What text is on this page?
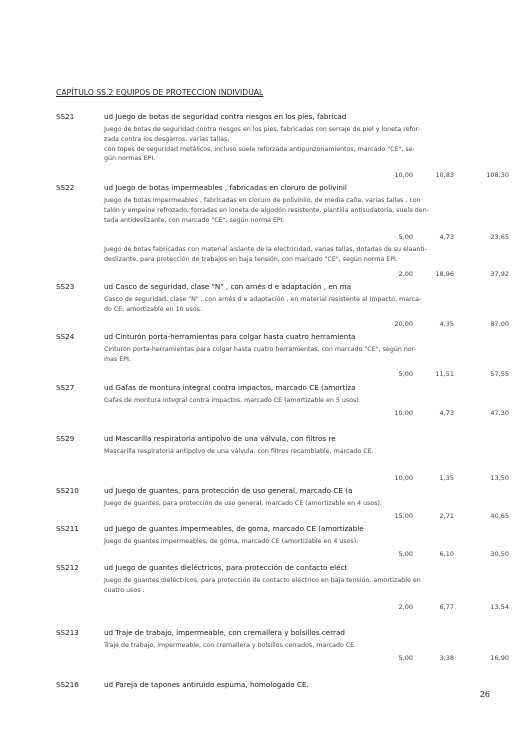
CAPÍTULO SS.2 EQUIPOS DE PROTECCION INDIVIDUAL
SS21	ud Juego de botas de seguridad contra riesgos en los pies, fabricad
Juego de botas de seguridad contra riesgos en los pies, fabricadas con serraje de piel y loneta refor-
zada contra los desgarros, varias tallas,
con topes de seguridad metálicos, incluso suela reforzada antipunzonamientos, marcado "CE", se-
gún normas EPI.
10,00	10,83	108,30
SS22	ud Juego de botas impermeables , fabricadas en cloruro de polivinil
Juego de botas impermeables , fabricadas en cloruro de polivinilo, de media caña, varias tallas , con
talón y empeine refrozado, forradas en loneta de algodón resistente, plantilla antisudatoria, suela den-
tada antideslizante, con marcado "CE", según norma EPI.
5,00	4,73	23,65
Juego de botas fabricadas con material aislante de la electricidad, varias tallas, dotadas de su elaanti-
deslizante, para protección de trabajos en baja tensión, con marcado "CE", según norma EPI.
2,00	18,96	37,92
SS23	ud Casco de seguridad, clase "N" , con arnés d e adaptación , en ma
Casco de seguridad, clase "N" , con arnés d e adaptación , en material resistente al impacto, marca-
do CE, amortizable en 10 usos.
20,00	4,35	87,00
SS24	ud Cinturón porta-herramientas para colgar hasta cuatro herramienta
Cinturón porta-herramientas para colgar hasta cuatro herramientas, con marcado "CE", según nor-
mas EPI.
5,00	11,51	57,55
SS27	ud Gafas de montura integral contra impactos, marcado CE (amortiza
Gafas de montura integral contra impactos, marcado CE (amortizable en 5 usos).
10,00	4,73	47,30
SS29	ud Mascarilla respiratoria antipolvo de una válvula, con filtros re
Mascarilla respiratoria antipolvo de una válvula, con filtros recambiable, marcado CE.
10,00	1,35	13,50
SS210	ud Juego de guantes, para protección de uso general, marcado CE (a
Juego de guantes, para protección de uso general, marcado CE (amortizable en 4 usos).
15,00	2,71	40,65
SS211	ud Juego de guantes impermeables, de goma, marcado CE (amortizable
Juego de guantes impermeables, de goma, marcado CE (amortizable en 4 usos).
5,00	6,10	30,50
SS212	ud Juego de guantes dieléctricos, para protección de contacto eléct
Juego de guantes dieléctricos, para protección de contacto eléctrico en baja tensión, amortizable en
cuatro usos .
2,00	6,77	13,54
SS213	ud Traje de trabajo, impermeable, con cremallera y bolsillos cerrad
Traje de trabajo, impermeable, con cremallera y bolsillos cerrados, marcado CE.
5,00	3,38	16,90
SS216	ud Pareja de tapones antiruido espuma, homologado CE.
26
